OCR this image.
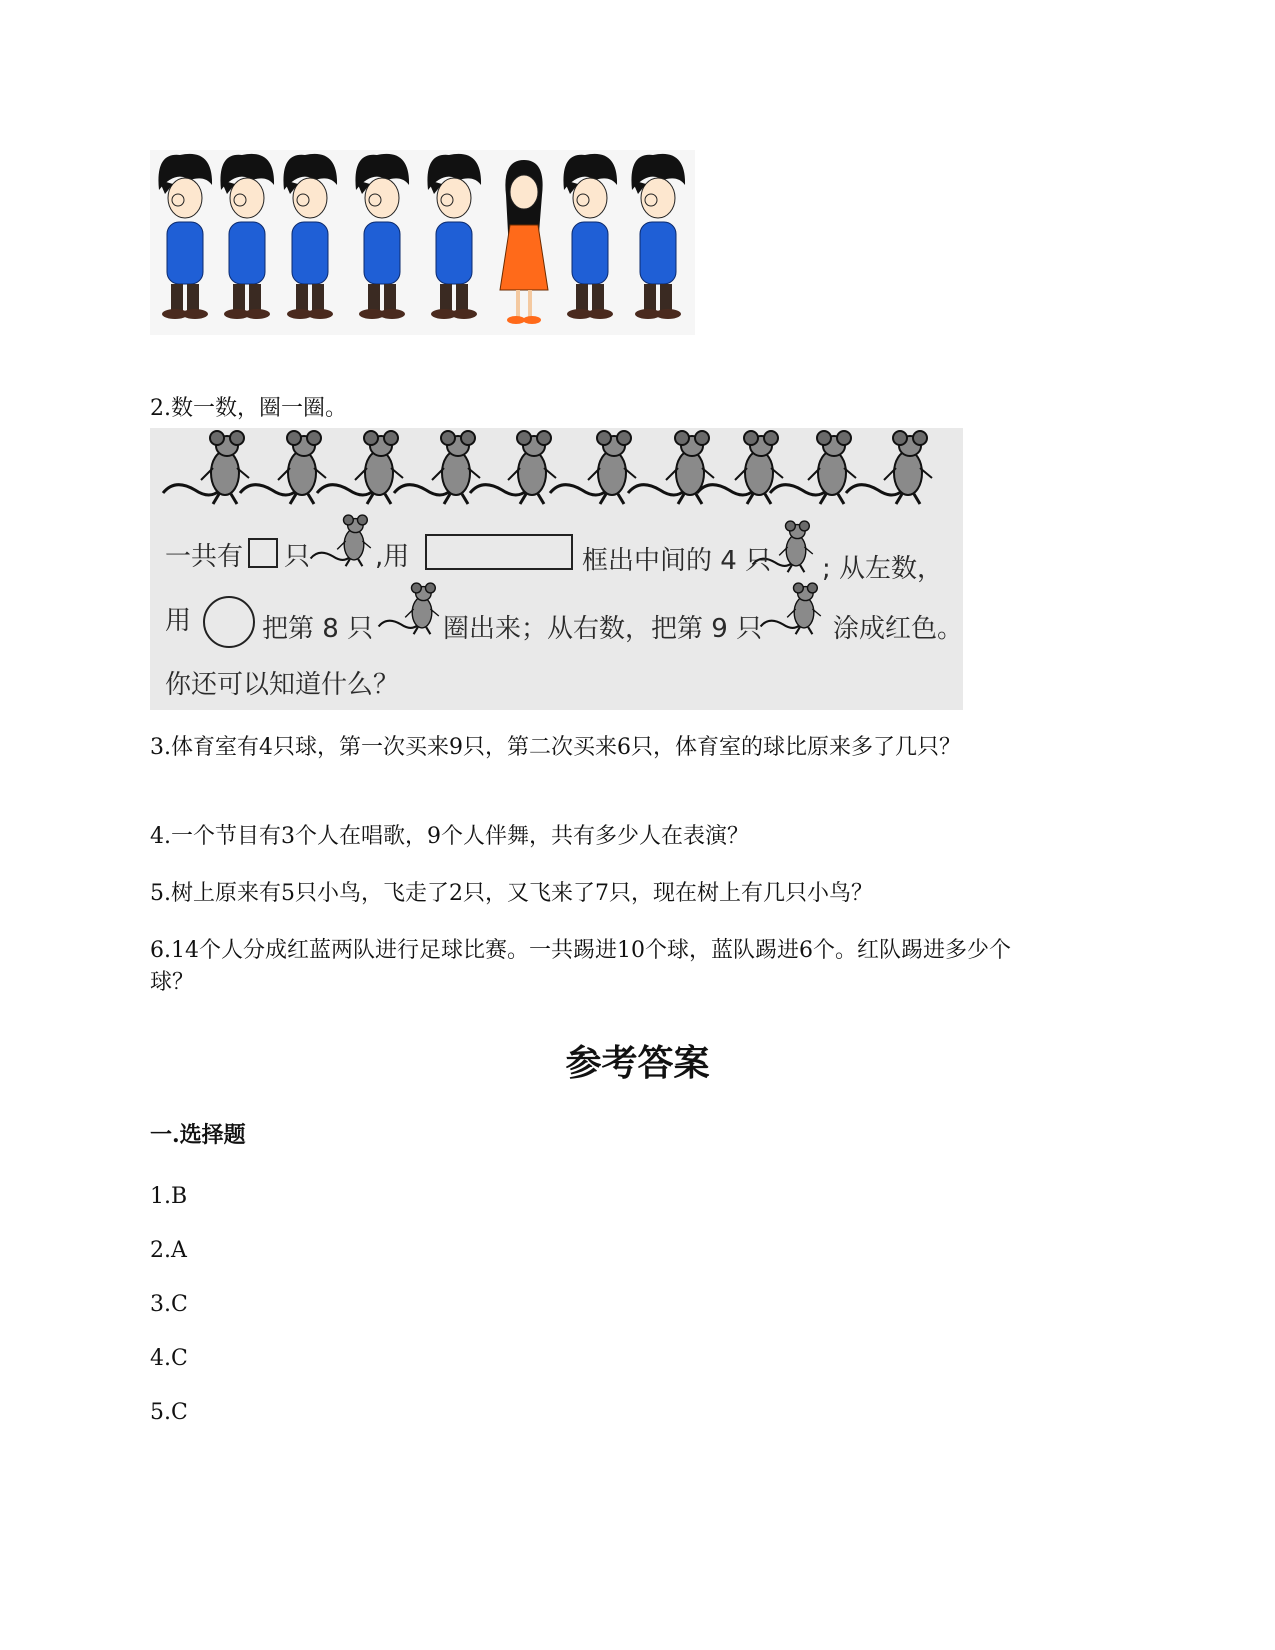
2.数一数，圈一圈。
一共有 只 ,用	框出中间的 4 只 ; 从左数，
用	把第 8 只	圈出来；从右数，把第 9 只	涂成红色。
你还可以知道什么？
3.体育室有4只球，第一次买来9只，第二次买来6只，体育室的球比原来多了几只？
4.一个节目有3个人在唱歌，9个人伴舞，共有多少人在表演？
5.树上原来有5只小鸟，飞走了2只，又飞来了7只，现在树上有几只小鸟？
6.14个人分成红蓝两队进行足球比赛。一共踢进10个球，蓝队踢进6个。红队踢进多少个
球？
参考答案
一.选择题
1.B
2.A
3.C
4.C
5.C
